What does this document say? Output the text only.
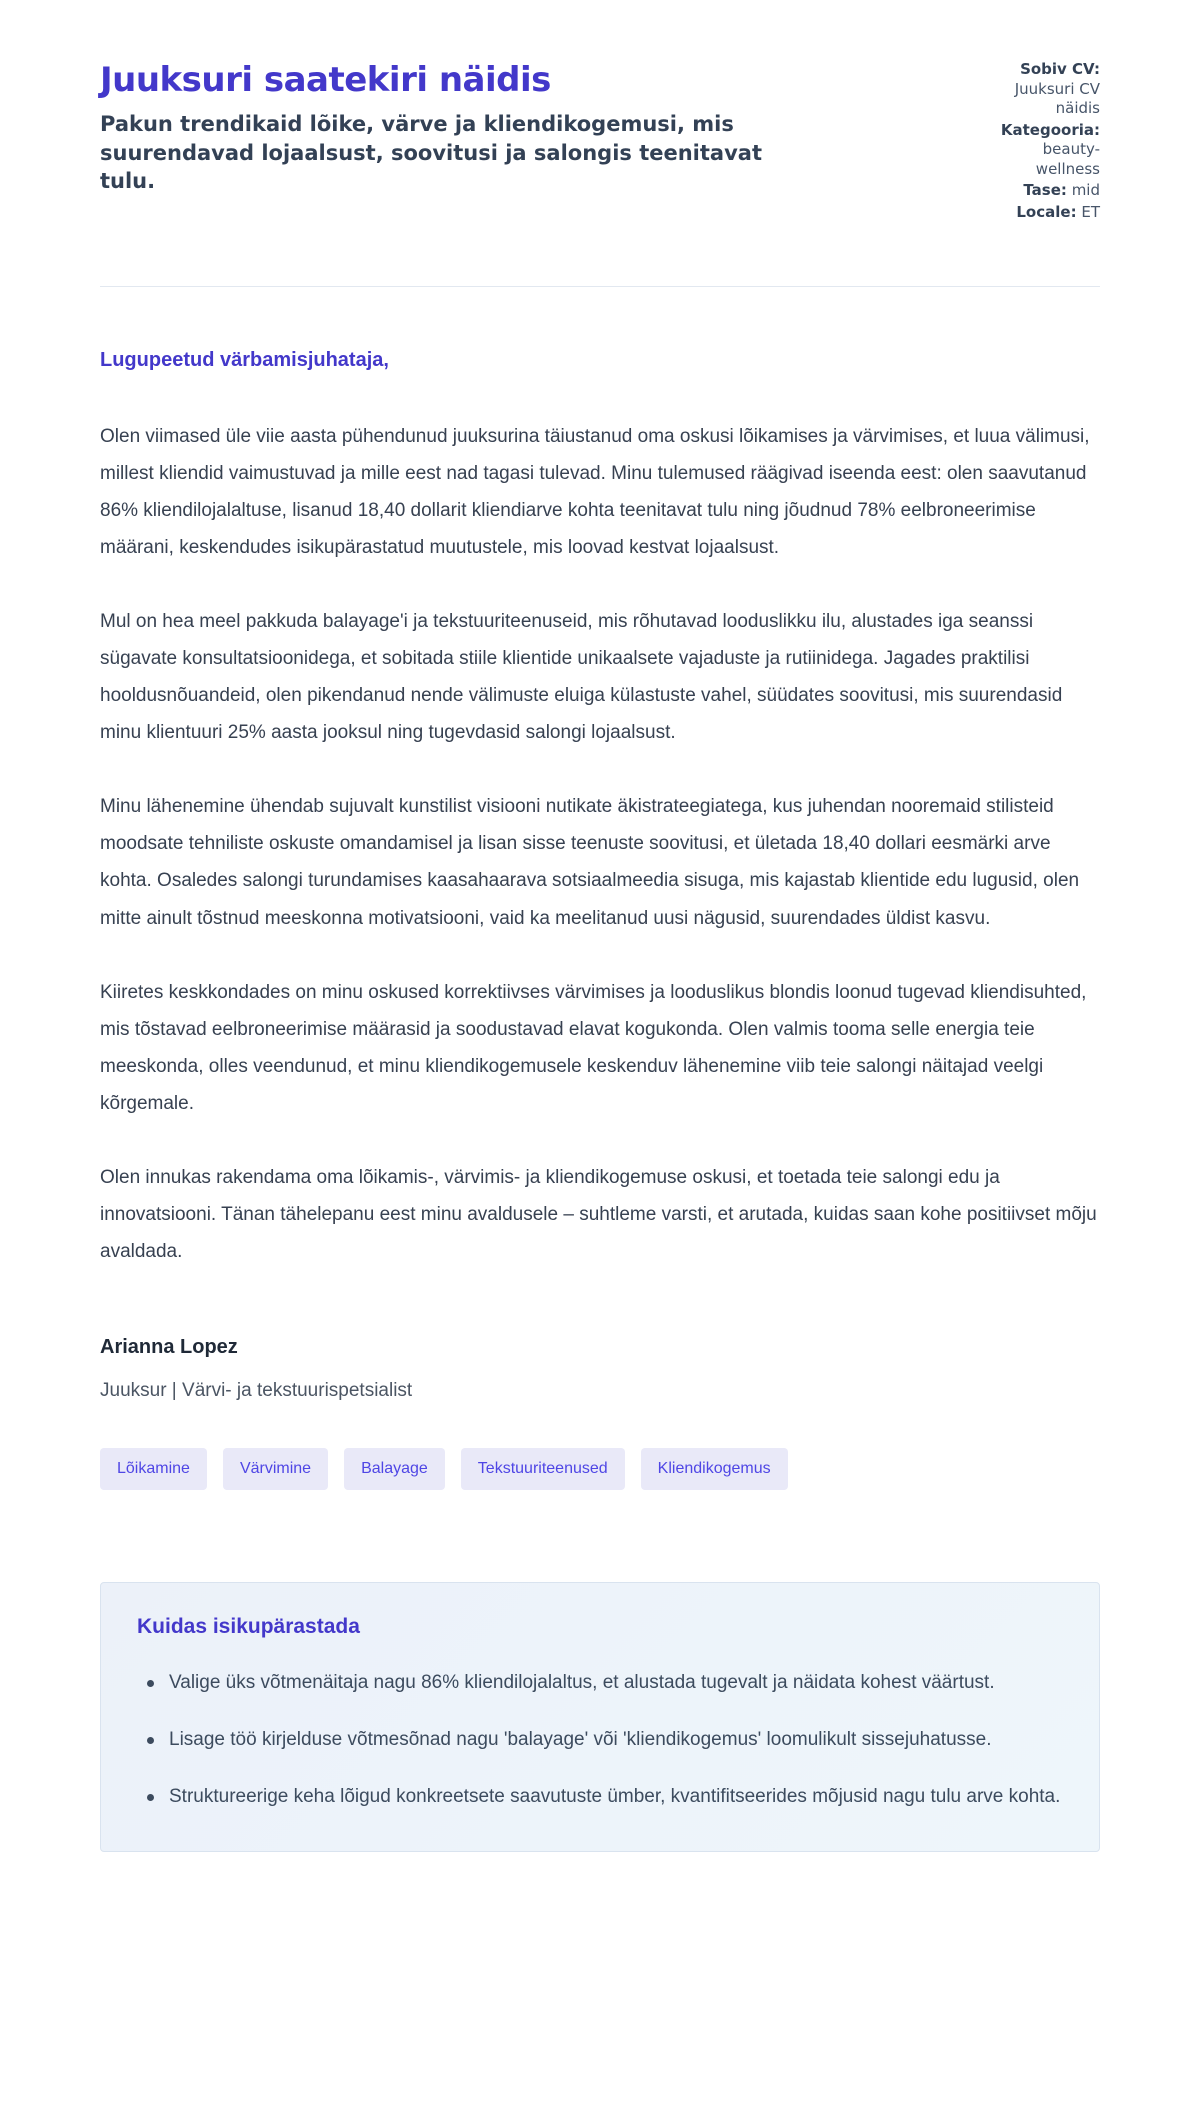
Juuksuri saatekiri näidis
Pakun trendikaid lõike, värve ja kliendikogemusi, mis suurendavad lojaalsust, soovitusi ja salongis teenitavat tulu.
Sobiv CV: Juuksuri CV näidis
Kategooria: beauty-wellness
Tase: mid
Locale: ET
Lugupeetud värbamisjuhataja,

Olen viimased üle viie aasta pühendunud juuksurina täiustanud oma oskusi lõikamises ja värvimises, et luua välimusi, millest kliendid vaimustuvad ja mille eest nad tagasi tulevad. Minu tulemused räägivad iseenda eest: olen saavutanud 86% kliendilojalaltuse, lisanud 18,40 dollarit kliendiarve kohta teenitavat tulu ning jõudnud 78% eelbroneerimise määrani, keskendudes isikupärastatud muutustele, mis loovad kestvat lojaalsust.

Mul on hea meel pakkuda balayage'i ja tekstuuriteenuseid, mis rõhutavad looduslikku ilu, alustades iga seanssi sügavate konsultatsioonidega, et sobitada stiile klientide unikaalsete vajaduste ja rutiinidega. Jagades praktilisi hooldusnõuandeid, olen pikendanud nende välimuste eluiga külastuste vahel, süüdates soovitusi, mis suurendasid minu klientuuri 25% aasta jooksul ning tugevdasid salongi lojaalsust.

Minu lähenemine ühendab sujuvalt kunstilist visiooni nutikate äkistrateegiatega, kus juhendan nooremaid stilisteid moodsate tehniliste oskuste omandamisel ja lisan sisse teenuste soovitusi, et ületada 18,40 dollari eesmärki arve kohta. Osaledes salongi turundamises kaasahaarava sotsiaalmeedia sisuga, mis kajastab klientide edu lugusid, olen mitte ainult tõstnud meeskonna motivatsiooni, vaid ka meelitanud uusi nägusid, suurendades üldist kasvu.

Kiiretes keskkondades on minu oskused korrektiivses värvimises ja looduslikus blondis loonud tugevad kliendisuhted, mis tõstavad eelbroneerimise määrasid ja soodustavad elavat kogukonda. Olen valmis tooma selle energia teie meeskonda, olles veendunud, et minu kliendikogemusele keskenduv lähenemine viib teie salongi näitajad veelgi kõrgemale.

Olen innukas rakendama oma lõikamis-, värvimis- ja kliendikogemuse oskusi, et toetada teie salongi edu ja innovatsiooni. Tänan tähelepanu eest minu avaldusele – suhtleme varsti, et arutada, kuidas saan kohe positiivset mõju avaldada.

Arianna Lopez
Juuksur | Värvi- ja tekstuurispetsialist
Lõikamine	Värvimine	Balayage	Tekstuuriteenused	Kliendikogemus
Kuidas isikupärastada
Valige üks võtmenäitaja nagu 86% kliendilojalaltus, et alustada tugevalt ja näidata kohest väärtust.
Lisage töö kirjelduse võtmesõnad nagu 'balayage' või 'kliendikogemus' loomulikult sissejuhatusse.
Struktureerige keha lõigud konkreetsete saavutuste ümber, kvantifitseerides mõjusid nagu tulu arve kohta.
